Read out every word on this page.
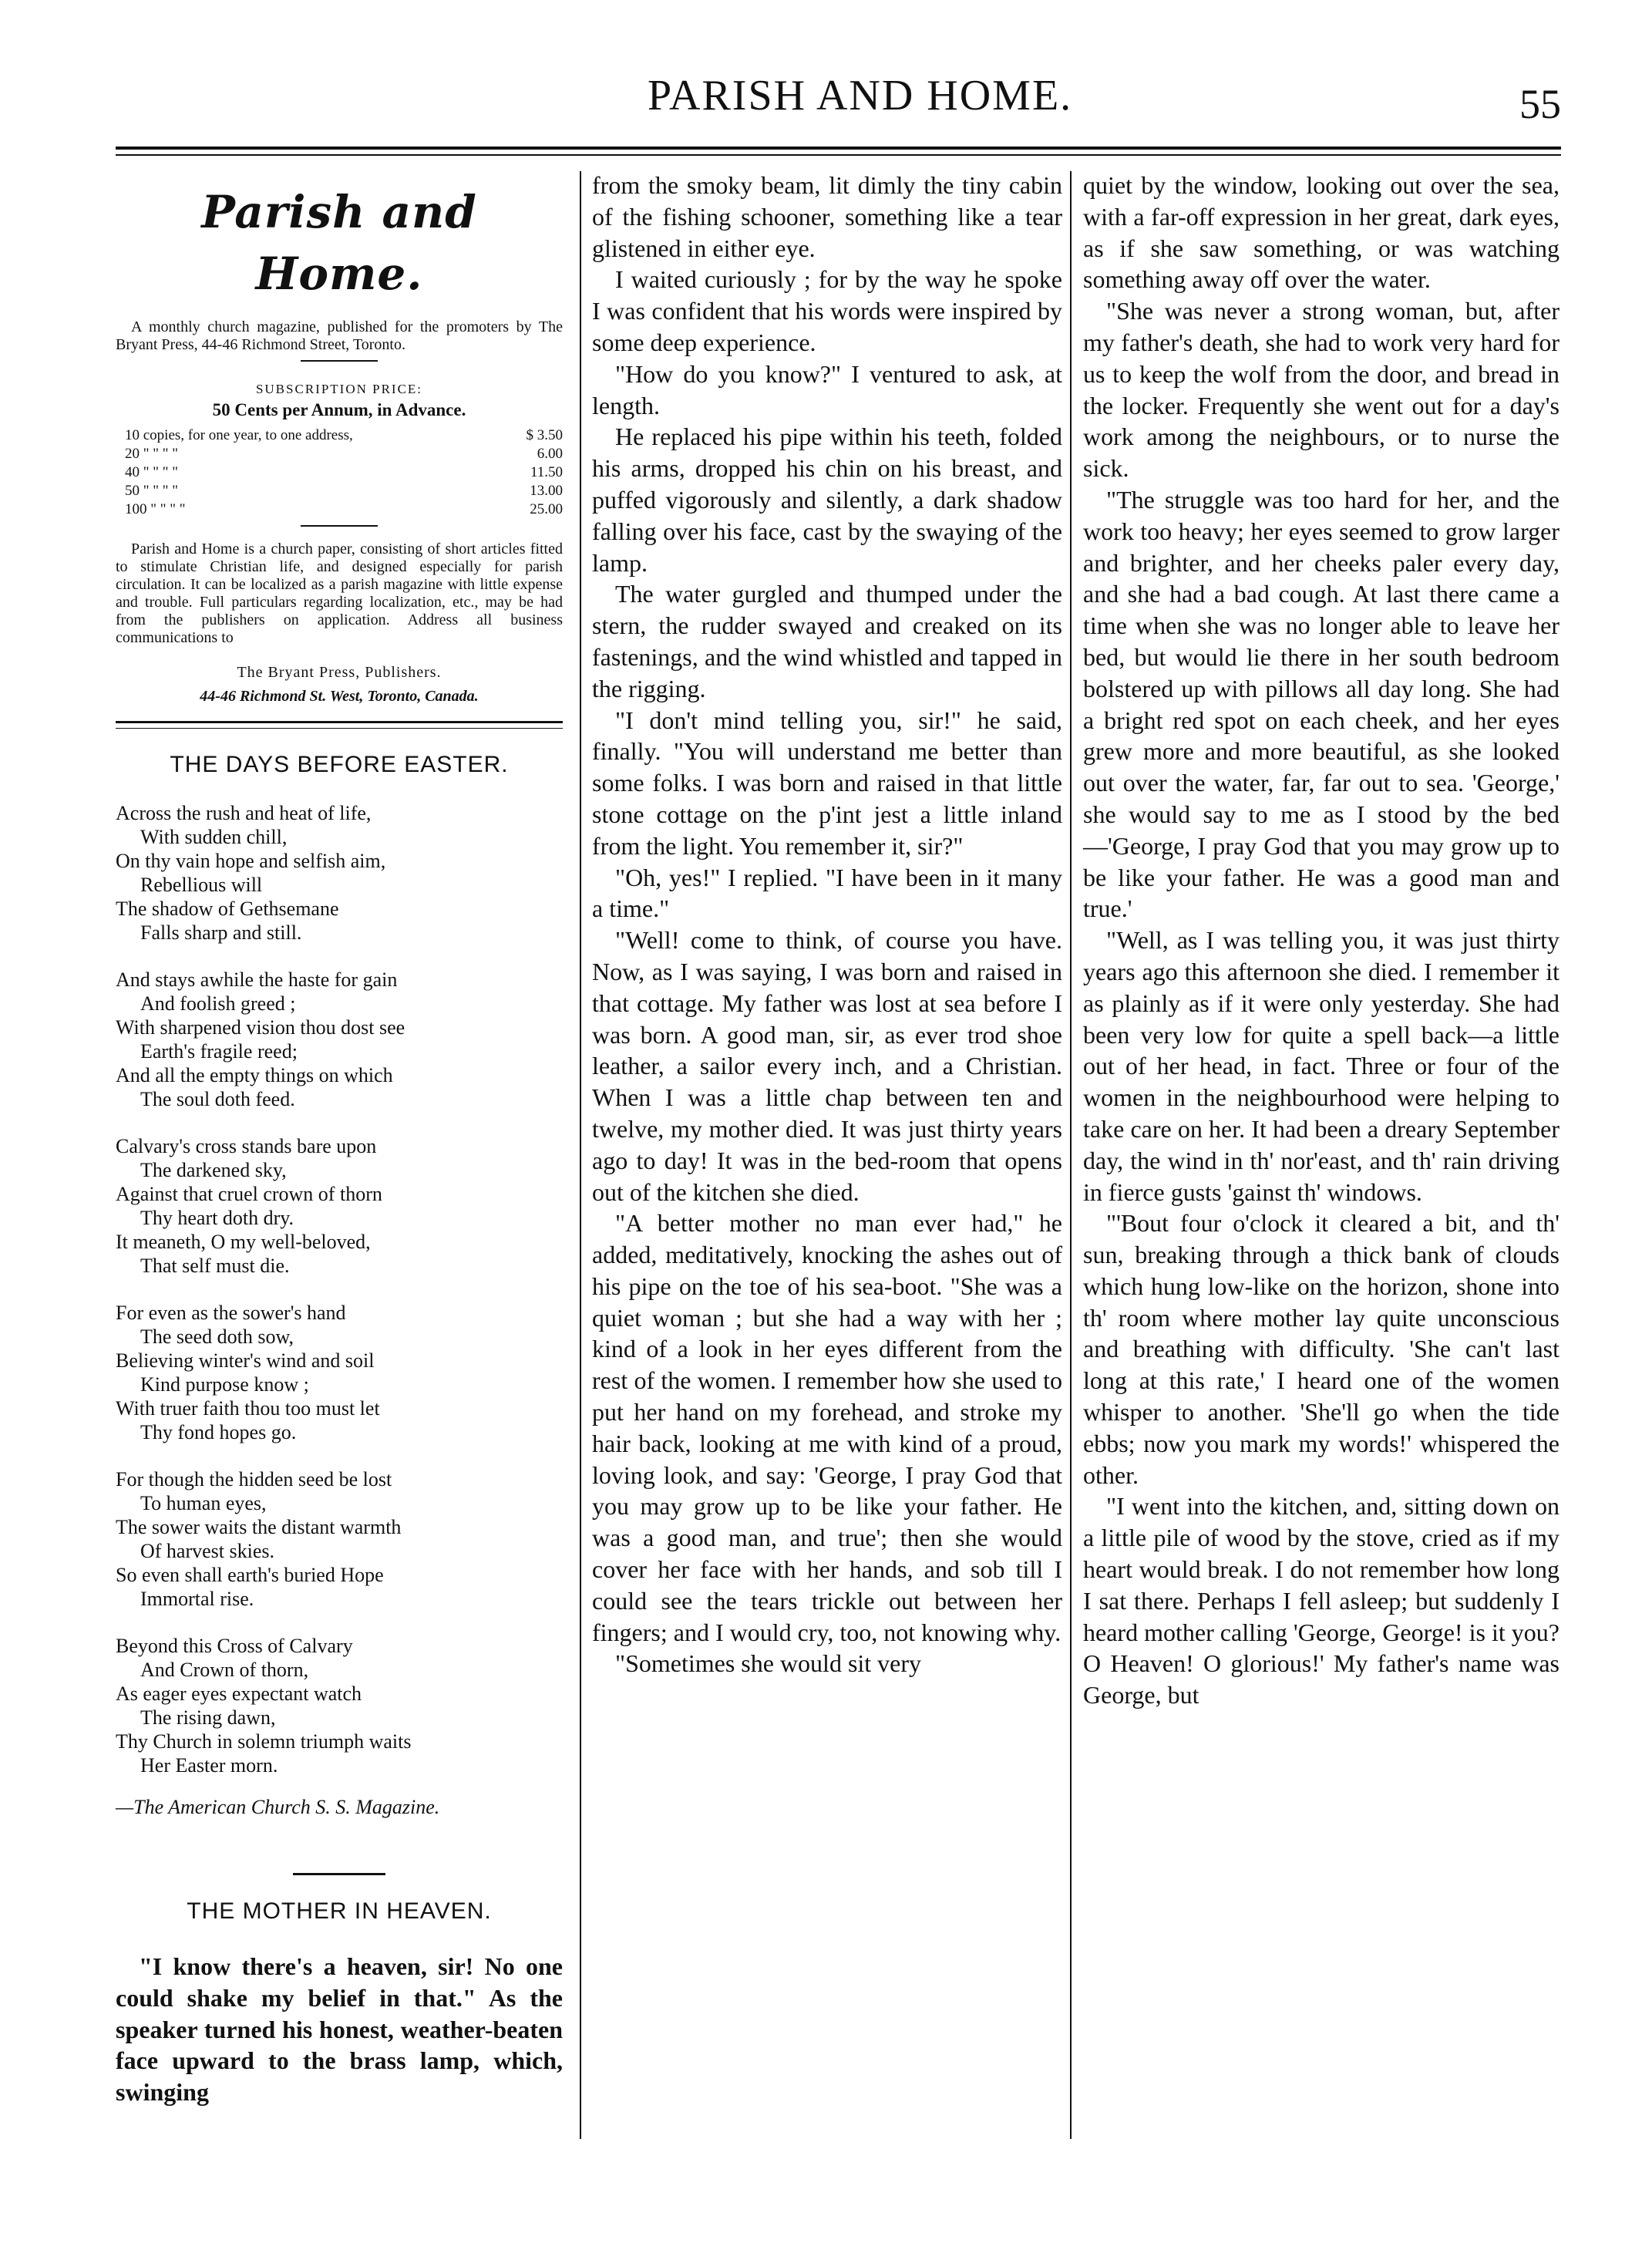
PARISH AND HOME.	55
Parish and Home.
A monthly church magazine, published for the promoters by The Bryant Press, 44-46 Richmond Street, Toronto.
SUBSCRIPTION PRICE:
50 Cents per Annum, in Advance.
10 copies, for one year, to one address,	$ 3.50
20 " " " "	6.00
40 " " " "	11.50
50 " " " "	13.00
100 " " " "	25.00
Parish and Home is a church paper, consisting of short articles fitted to stimulate Christian life, and designed especially for parish circulation. It can be localized as a parish magazine with little expense and trouble. Full particulars regarding localization, etc., may be had from the publishers on application. Address all business communications to
The Bryant Press, Publishers.
44-46 Richmond St. West, Toronto, Canada.
THE DAYS BEFORE EASTER.
Across the rush and heat of life,
With sudden chill,
On thy vain hope and selfish aim,
Rebellious will
The shadow of Gethsemane
Falls sharp and still.
And stays awhile the haste for gain
And foolish greed ;
With sharpened vision thou dost see
Earth's fragile reed;
And all the empty things on which
The soul doth feed.
Calvary's cross stands bare upon
The darkened sky,
Against that cruel crown of thorn
Thy heart doth dry.
It meaneth, O my well-beloved,
That self must die.
For even as the sower's hand
The seed doth sow,
Believing winter's wind and soil
Kind purpose know ;
With truer faith thou too must let
Thy fond hopes go.
For though the hidden seed be lost
To human eyes,
The sower waits the distant warmth
Of harvest skies.
So even shall earth's buried Hope
Immortal rise.
Beyond this Cross of Calvary
And Crown of thorn,
As eager eyes expectant watch
The rising dawn,
Thy Church in solemn triumph waits
Her Easter morn.
—The American Church S. S. Magazine.
THE MOTHER IN HEAVEN.

"I know there's a heaven, sir! No one could shake my belief in that." As the speaker turned his honest, weather-beaten face upward to the brass lamp, which, swinging

from the smoky beam, lit dimly the tiny cabin of the fishing schooner, something like a tear glistened in either eye.

I waited curiously ; for by the way he spoke I was confident that his words were inspired by some deep experience.

"How do you know?" I ventured to ask, at length.

He replaced his pipe within his teeth, folded his arms, dropped his chin on his breast, and puffed vigorously and silently, a dark shadow falling over his face, cast by the swaying of the lamp.

The water gurgled and thumped under the stern, the rudder swayed and creaked on its fastenings, and the wind whistled and tapped in the rigging.

"I don't mind telling you, sir!" he said, finally. "You will understand me better than some folks. I was born and raised in that little stone cottage on the p'int jest a little inland from the light. You remember it, sir?"

"Oh, yes!" I replied. "I have been in it many a time."

"Well! come to think, of course you have. Now, as I was saying, I was born and raised in that cottage. My father was lost at sea before I was born. A good man, sir, as ever trod shoe leather, a sailor every inch, and a Christian. When I was a little chap between ten and twelve, my mother died. It was just thirty years ago to day! It was in the bed-room that opens out of the kitchen she died.

"A better mother no man ever had," he added, meditatively, knocking the ashes out of his pipe on the toe of his sea-boot. "She was a quiet woman ; but she had a way with her ; kind of a look in her eyes different from the rest of the women. I remember how she used to put her hand on my forehead, and stroke my hair back, looking at me with kind of a proud, loving look, and say: 'George, I pray God that you may grow up to be like your father. He was a good man, and true'; then she would cover her face with her hands, and sob till I could see the tears trickle out between her fingers; and I would cry, too, not knowing why.

"Sometimes she would sit very

quiet by the window, looking out over the sea, with a far-off expression in her great, dark eyes, as if she saw something, or was watching something away off over the water.

"She was never a strong woman, but, after my father's death, she had to work very hard for us to keep the wolf from the door, and bread in the locker. Frequently she went out for a day's work among the neighbours, or to nurse the sick.

"The struggle was too hard for her, and the work too heavy; her eyes seemed to grow larger and brighter, and her cheeks paler every day, and she had a bad cough. At last there came a time when she was no longer able to leave her bed, but would lie there in her south bedroom bolstered up with pillows all day long. She had a bright red spot on each cheek, and her eyes grew more and more beautiful, as she looked out over the water, far, far out to sea. 'George,' she would say to me as I stood by the bed—'George, I pray God that you may grow up to be like your father. He was a good man and true.'

"Well, as I was telling you, it was just thirty years ago this afternoon she died. I remember it as plainly as if it were only yesterday. She had been very low for quite a spell back—a little out of her head, in fact. Three or four of the women in the neighbourhood were helping to take care on her. It had been a dreary September day, the wind in th' nor'east, and th' rain driving in fierce gusts 'gainst th' windows.

"'Bout four o'clock it cleared a bit, and th' sun, breaking through a thick bank of clouds which hung low-like on the horizon, shone into th' room where mother lay quite unconscious and breathing with difficulty. 'She can't last long at this rate,' I heard one of the women whisper to another. 'She'll go when the tide ebbs; now you mark my words!' whispered the other.

"I went into the kitchen, and, sitting down on a little pile of wood by the stove, cried as if my heart would break. I do not remember how long I sat there. Perhaps I fell asleep; but suddenly I heard mother calling 'George, George! is it you? O Heaven! O glorious!' My father's name was George, but
